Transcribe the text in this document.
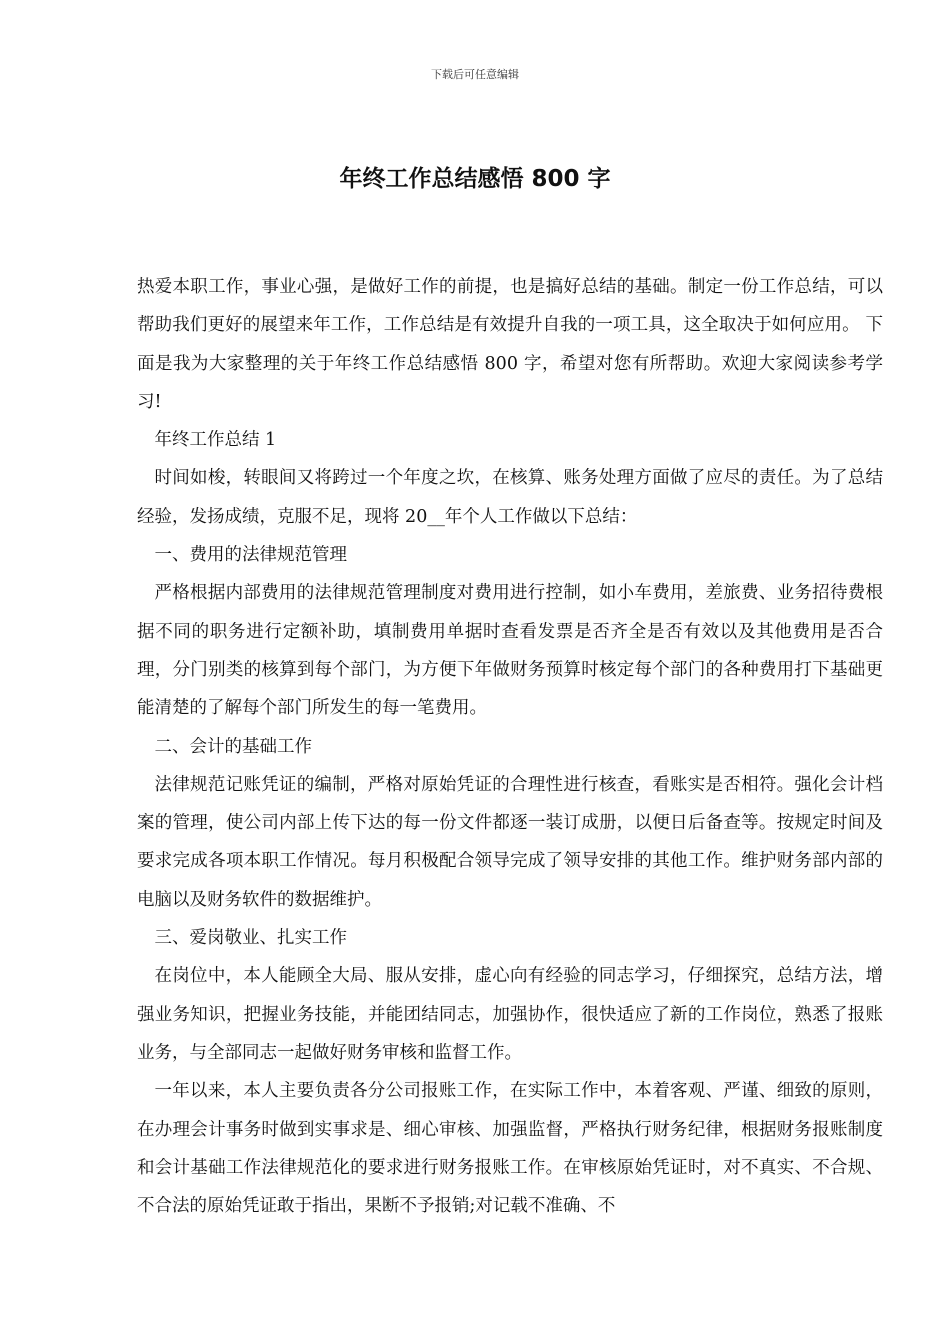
下载后可任意编辑
年终工作总结感悟 800 字

热爱本职工作，事业心强，是做好工作的前提，也是搞好总结的基础。制定一份工作总结，可以帮助我们更好的展望来年工作，工作总结是有效提升自我的一项工具，这全取决于如何应用。 下面是我为大家整理的关于年终工作总结感悟 800 字，希望对您有所帮助。欢迎大家阅读参考学习!

年终工作总结 1

时间如梭，转眼间又将跨过一个年度之坎，在核算、账务处理方面做了应尽的责任。为了总结经验，发扬成绩，克服不足，现将 20__年个人工作做以下总结：

一、费用的法律规范管理

严格根据内部费用的法律规范管理制度对费用进行控制，如小车费用，差旅费、业务招待费根据不同的职务进行定额补助，填制费用单据时查看发票是否齐全是否有效以及其他费用是否合理，分门别类的核算到每个部门，为方便下年做财务预算时核定每个部门的各种费用打下基础更能清楚的了解每个部门所发生的每一笔费用。

二、会计的基础工作

法律规范记账凭证的编制，严格对原始凭证的合理性进行核查，看账实是否相符。强化会计档案的管理，使公司内部上传下达的每一份文件都逐一装订成册，以便日后备查等。按规定时间及要求完成各项本职工作情况。每月积极配合领导完成了领导安排的其他工作。维护财务部内部的电脑以及财务软件的数据维护。

三、爱岗敬业、扎实工作

在岗位中，本人能顾全大局、服从安排，虚心向有经验的同志学习，仔细探究，总结方法，增强业务知识，把握业务技能，并能团结同志，加强协作，很快适应了新的工作岗位，熟悉了报账业务，与全部同志一起做好财务审核和监督工作。

一年以来，本人主要负责各分公司报账工作，在实际工作中，本着客观、严谨、细致的原则，在办理会计事务时做到实事求是、细心审核、加强监督，严格执行财务纪律，根据财务报账制度和会计基础工作法律规范化的要求进行财务报账工作。在审核原始凭证时，对不真实、不合规、不合法的原始凭证敢于指出，果断不予报销;对记载不准确、不
